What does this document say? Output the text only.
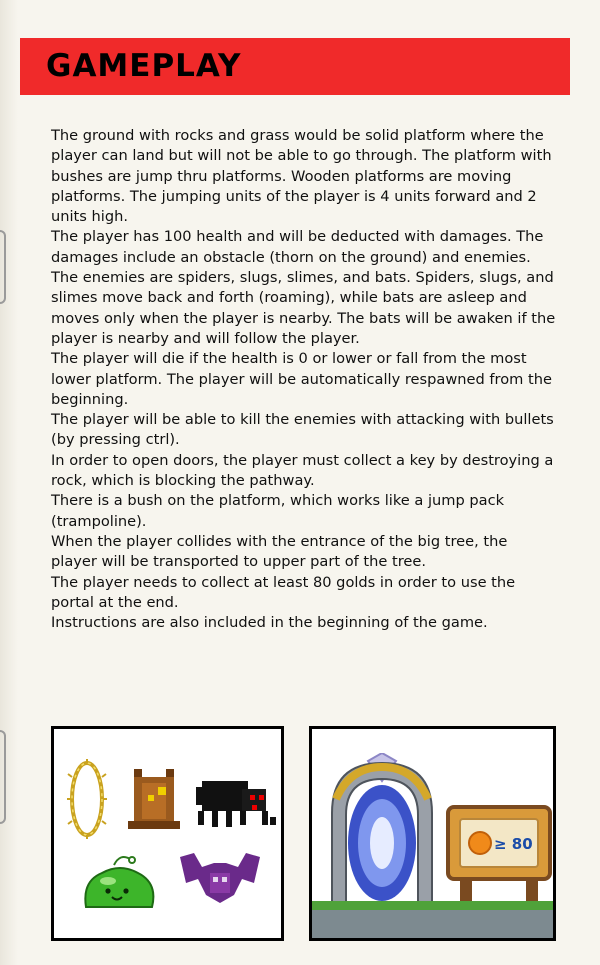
GAMEPLAY

The ground with rocks and grass would be solid platform where the player can land but will not be able to go through. The platform with bushes are jump thru platforms. Wooden platforms are moving platforms. The jumping units of the player is 4 units forward and 2 units high.

The player has 100 health and will be deducted with damages. The damages include an obstacle (thorn on the ground) and enemies.

The enemies are spiders, slugs, slimes, and bats. Spiders, slugs, and slimes move back and forth (roaming), while bats are asleep and moves only when the player is nearby. The bats will be awaken if the player is nearby and will follow the player.

The player will die if the health is 0 or lower or fall from the most lower platform. The player will be automatically respawned from the beginning.

The player will be able to kill the enemies with attacking with bullets (by pressing ctrl).

In order to open doors, the player must collect a key by destroying a rock, which is blocking the pathway.

There is a bush on the platform, which works like a jump pack (trampoline).

When the player collides with the entrance of the big tree, the player will be transported to upper part of the tree.

The player needs to collect at least 80 golds in order to use the portal at the end.

Instructions are also included in the beginning of the game.

≥ 80
